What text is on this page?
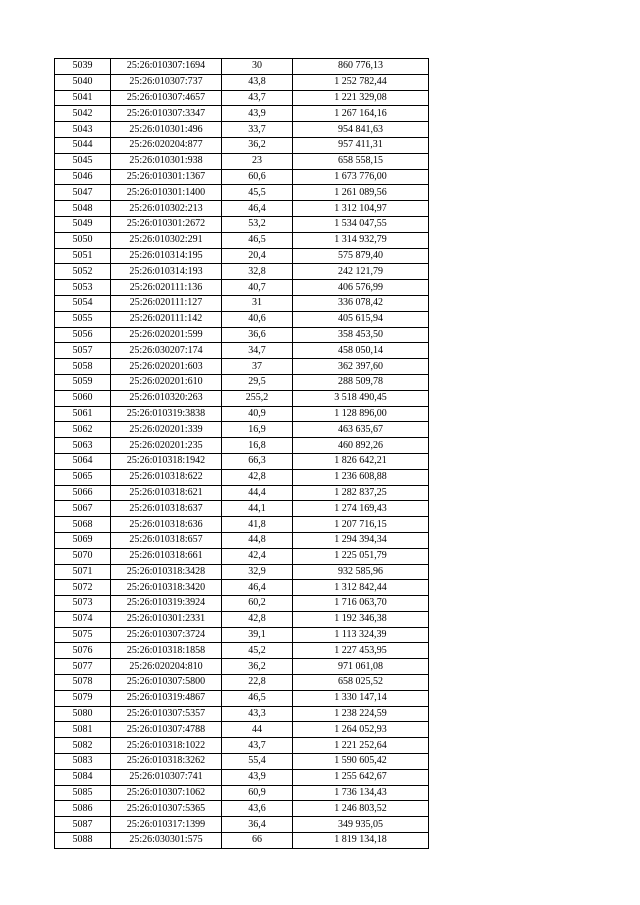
5039	25:26:010307:1694	30	860 776,13
5040	25:26:010307:737	43,8	1 252 782,44
5041	25:26:010307:4657	43,7	1 221 329,08
5042	25:26:010307:3347	43,9	1 267 164,16
5043	25:26:010301:496	33,7	954 841,63
5044	25:26:020204:877	36,2	957 411,31
5045	25:26:010301:938	23	658 558,15
5046	25:26:010301:1367	60,6	1 673 776,00
5047	25:26:010301:1400	45,5	1 261 089,56
5048	25:26:010302:213	46,4	1 312 104,97
5049	25:26:010301:2672	53,2	1 534 047,55
5050	25:26:010302:291	46,5	1 314 932,79
5051	25:26:010314:195	20,4	575 879,40
5052	25:26:010314:193	32,8	242 121,79
5053	25:26:020111:136	40,7	406 576,99
5054	25:26:020111:127	31	336 078,42
5055	25:26:020111:142	40,6	405 615,94
5056	25:26:020201:599	36,6	358 453,50
5057	25:26:030207:174	34,7	458 050,14
5058	25:26:020201:603	37	362 397,60
5059	25:26:020201:610	29,5	288 509,78
5060	25:26:010320:263	255,2	3 518 490,45
5061	25:26:010319:3838	40,9	1 128 896,00
5062	25:26:020201:339	16,9	463 635,67
5063	25:26:020201:235	16,8	460 892,26
5064	25:26:010318:1942	66,3	1 826 642,21
5065	25:26:010318:622	42,8	1 236 608,88
5066	25:26:010318:621	44,4	1 282 837,25
5067	25:26:010318:637	44,1	1 274 169,43
5068	25:26:010318:636	41,8	1 207 716,15
5069	25:26:010318:657	44,8	1 294 394,34
5070	25:26:010318:661	42,4	1 225 051,79
5071	25:26:010318:3428	32,9	932 585,96
5072	25:26:010318:3420	46,4	1 312 842,44
5073	25:26:010319:3924	60,2	1 716 063,70
5074	25:26:010301:2331	42,8	1 192 346,38
5075	25:26:010307:3724	39,1	1 113 324,39
5076	25:26:010318:1858	45,2	1 227 453,95
5077	25:26:020204:810	36,2	971 061,08
5078	25:26:010307:5800	22,8	658 025,52
5079	25:26:010319:4867	46,5	1 330 147,14
5080	25:26:010307:5357	43,3	1 238 224,59
5081	25:26:010307:4788	44	1 264 052,93
5082	25:26:010318:1022	43,7	1 221 252,64
5083	25:26:010318:3262	55,4	1 590 605,42
5084	25:26:010307:741	43,9	1 255 642,67
5085	25:26:010307:1062	60,9	1 736 134,43
5086	25:26:010307:5365	43,6	1 246 803,52
5087	25:26:010317:1399	36,4	349 935,05
5088	25:26:030301:575	66	1 819 134,18
